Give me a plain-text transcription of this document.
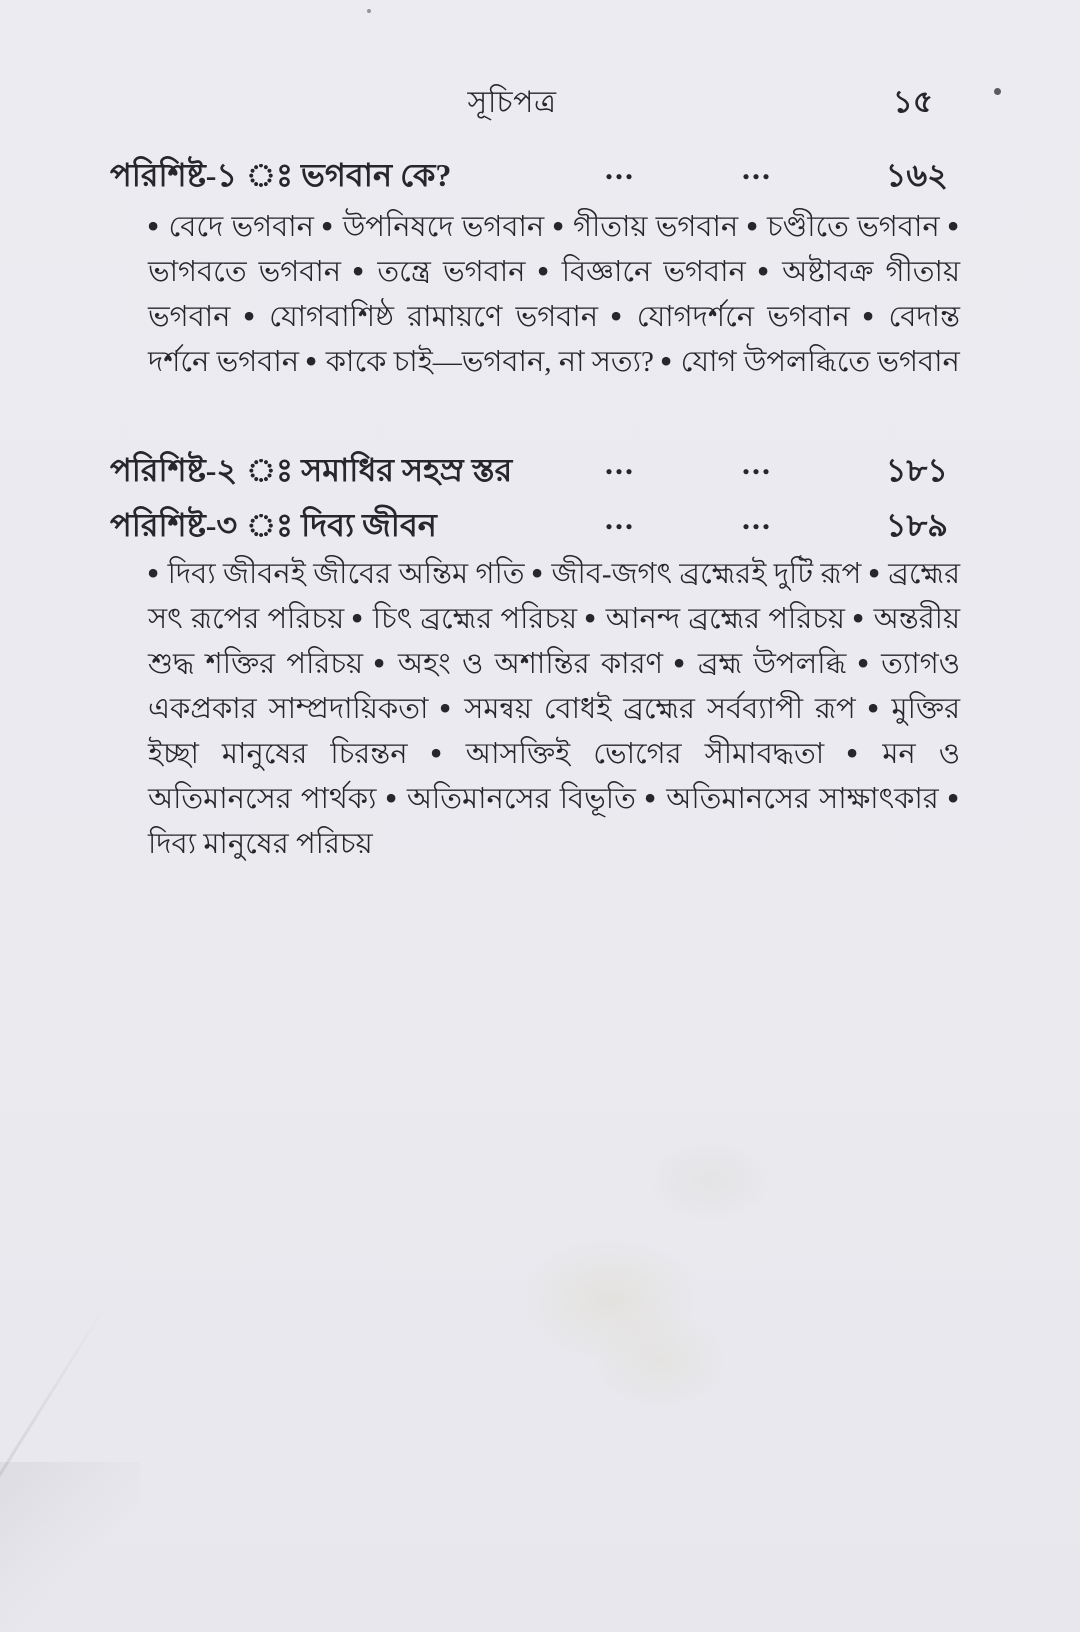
সূচিপত্র	১৫
পরিশিষ্ট-১ ঃ ভগবান কে?	...	...	১৬২
• বেদে ভগবান • উপনিষদে ভগবান • গীতায় ভগবান • চণ্ডীতে ভগবান • ভাগবতে ভগবান • তন্ত্রে ভগবান • বিজ্ঞানে ভগবান • অষ্টাবক্র গীতায় ভগবান • যোগবাশিষ্ঠ রামায়ণে ভগবান • যোগদর্শনে ভগবান • বেদান্ত দর্শনে ভগবান • কাকে চাই—ভগবান, না সত্য? • যোগ উপলব্ধিতে ভগবান
পরিশিষ্ট-২ ঃ সমাধির সহস্র স্তর	...	...	১৮১
পরিশিষ্ট-৩ ঃ দিব্য জীবন	...	...	১৮৯
• দিব্য জীবনই জীবের অন্তিম গতি • জীব-জগৎ ব্রহ্মেরই দুটি রূপ • ব্রহ্মের সৎ রূপের পরিচয় • চিৎ ব্রহ্মের পরিচয় • আনন্দ ব্রহ্মের পরিচয় • অন্তরীয় শুদ্ধ শক্তির পরিচয় • অহং ও অশান্তির কারণ • ব্রহ্ম উপলব্ধি • ত্যাগও একপ্রকার সাম্প্রদায়িকতা • সমন্বয় বোধই ব্রহ্মের সর্বব্যাপী রূপ • মুক্তির ইচ্ছা মানুষের চিরন্তন • আসক্তিই ভোগের সীমাবদ্ধতা • মন ও অতিমানসের পার্থক্য • অতিমানসের বিভূতি • অতিমানসের সাক্ষাৎকার • দিব্য মানুষের পরিচয়
